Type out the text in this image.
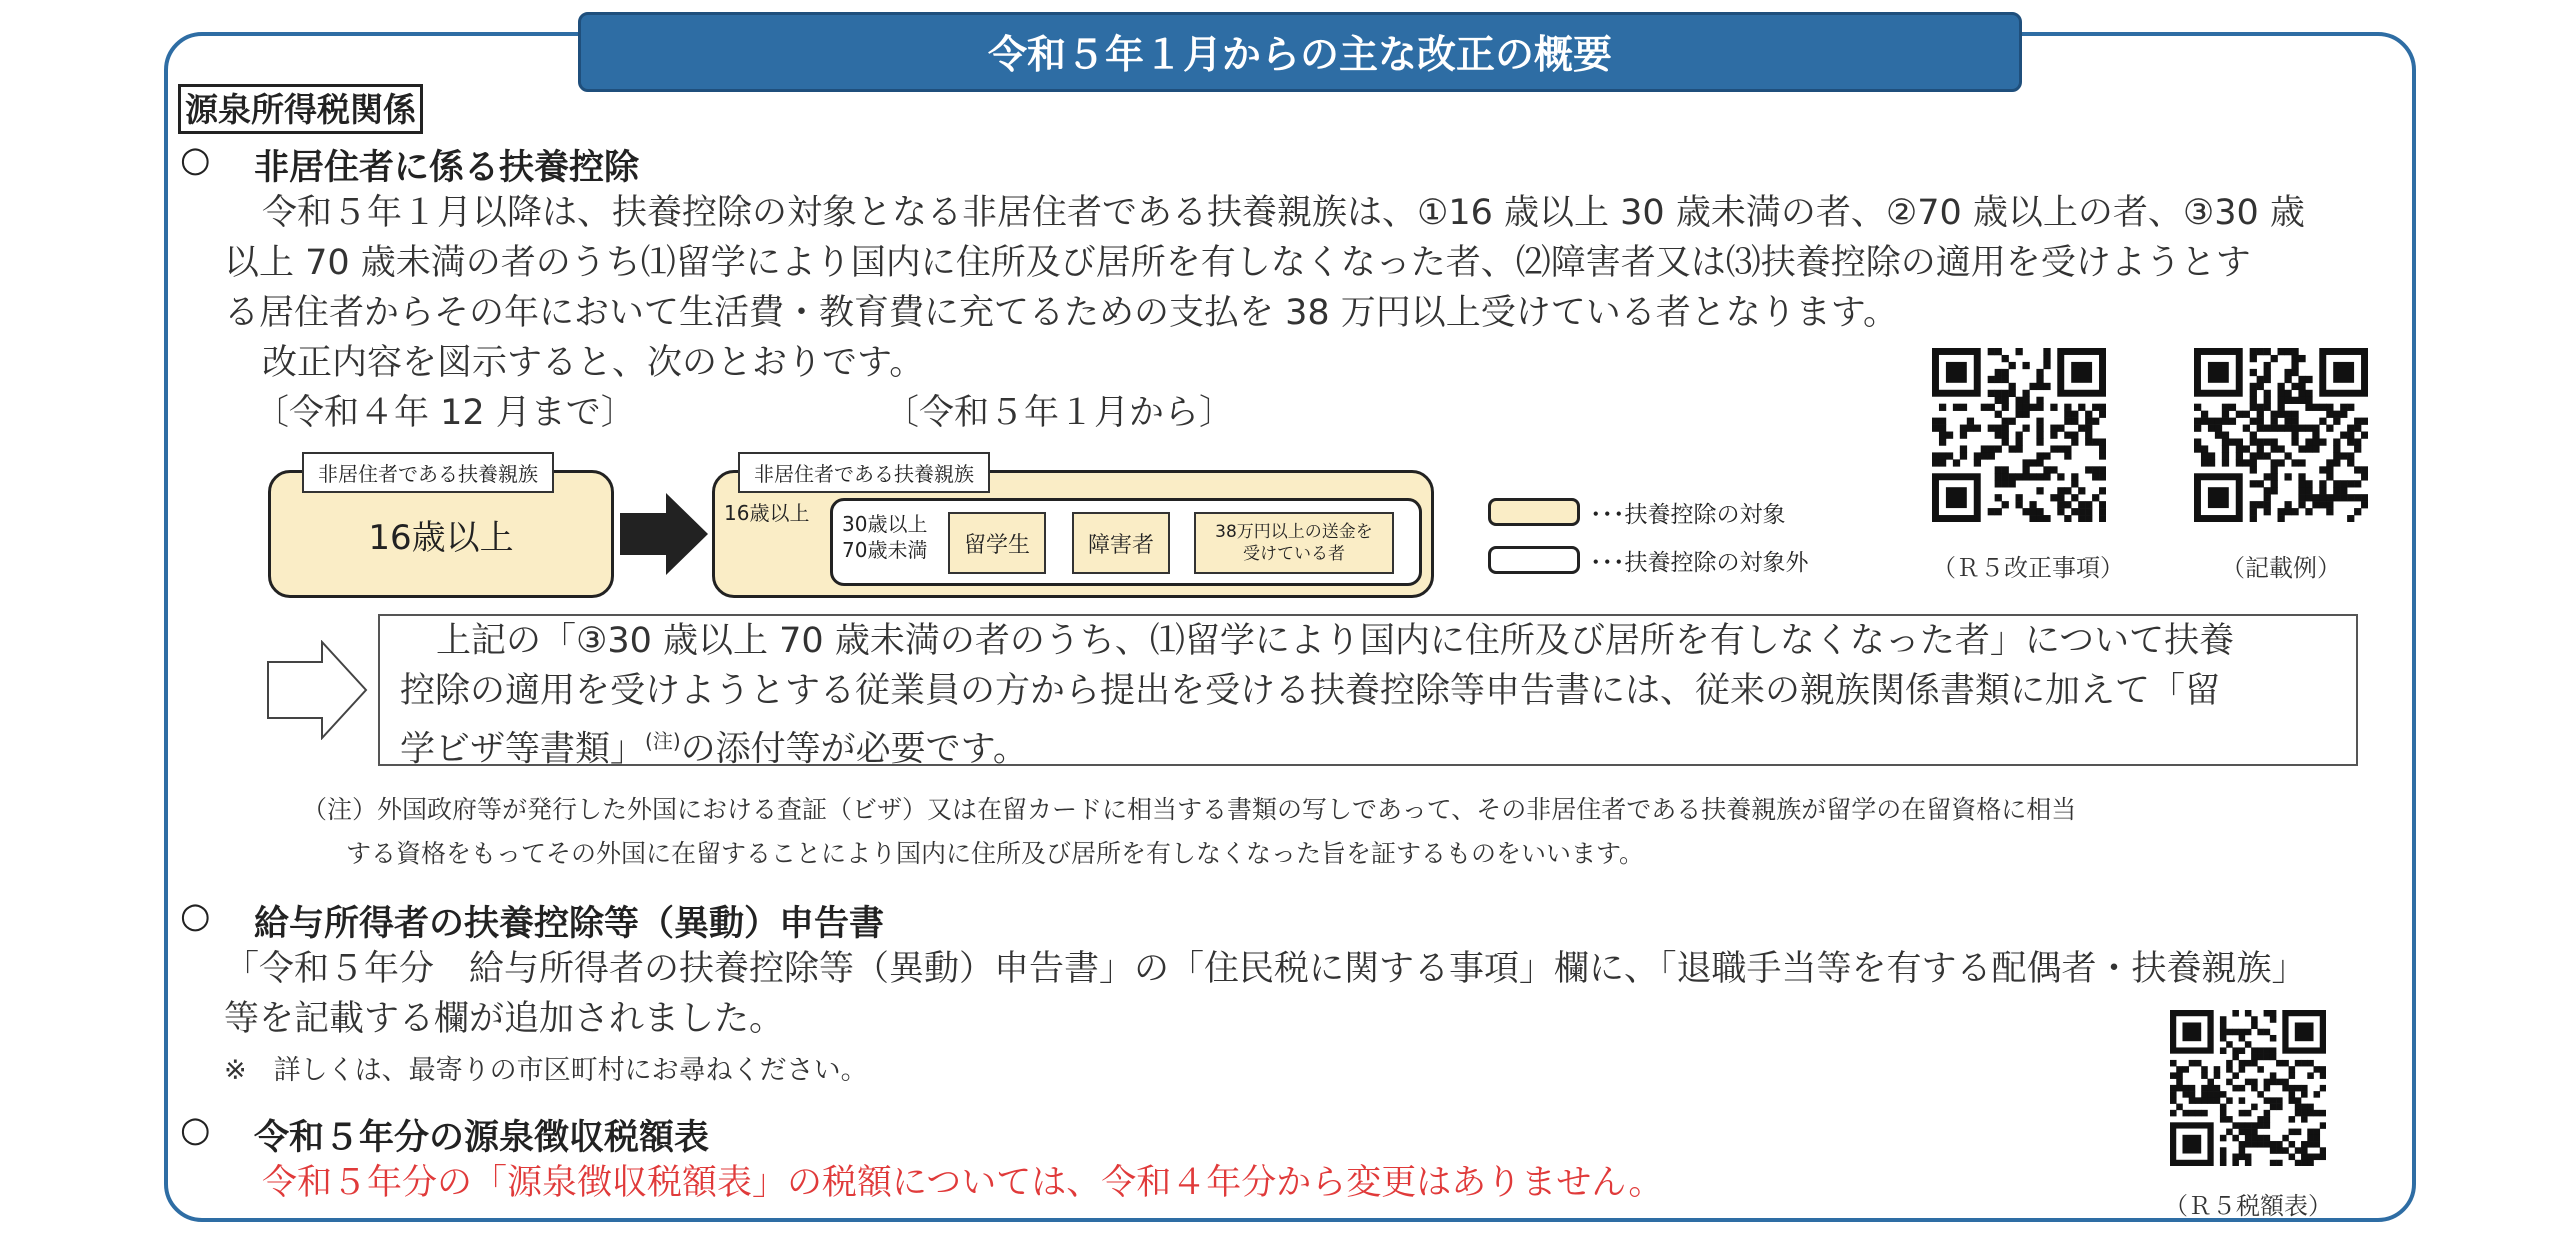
令和５年１月からの主な改正の概要
源泉所得税関係
○ 非居住者に係る扶養控除
令和５年１月以降は、扶養控除の対象となる非居住者である扶養親族は、①16 歳以上 30 歳未満の者、②70 歳以上の者、③30 歳
以上 70 歳未満の者のうち⑴留学により国内に住所及び居所を有しなくなった者、⑵障害者又は⑶扶養控除の適用を受けようとす
る居住者からその年において生活費・教育費に充てるための支払を 38 万円以上受けている者となります。
改正内容を図示すると、次のとおりです。
〔令和４年 12 月まで〕	〔令和５年１月から〕
非居住者である扶養親族
16歳以上
非居住者である扶養親族
16歳以上 30歳以上
70歳未満	留学生	障害者
38万円以上の送金を
受けている者
･･･扶養控除の対象
･･･扶養控除の対象外	（Ｒ５改正事項）	（記載例）
上記の「③30 歳以上 70 歳未満の者のうち、⑴留学により国内に住所及び居所を有しなくなった者」について扶養
控除の適用を受けようとする従業員の方から提出を受ける扶養控除等申告書には、従来の親族関係書類に加えて「留
学ビザ等書類」$^{(注)}$の添付等が必要です。
（注）外国政府等が発行した外国における査証（ビザ）又は在留カードに相当する書類の写しであって、その非居住者である扶養親族が留学の在留資格に相当
する資格をもってその外国に在留することにより国内に住所及び居所を有しなくなった旨を証するものをいいます。
○ 給与所得者の扶養控除等（異動）申告書
「令和５年分　給与所得者の扶養控除等（異動）申告書」の「住民税に関する事項」欄に、「退職手当等を有する配偶者・扶養親族」
等を記載する欄が追加されました。
※　詳しくは、最寄りの市区町村にお尋ねください。
○ 令和５年分の源泉徴収税額表
令和５年分の「源泉徴収税額表」の税額については、令和４年分から変更はありません。
（Ｒ５税額表）
